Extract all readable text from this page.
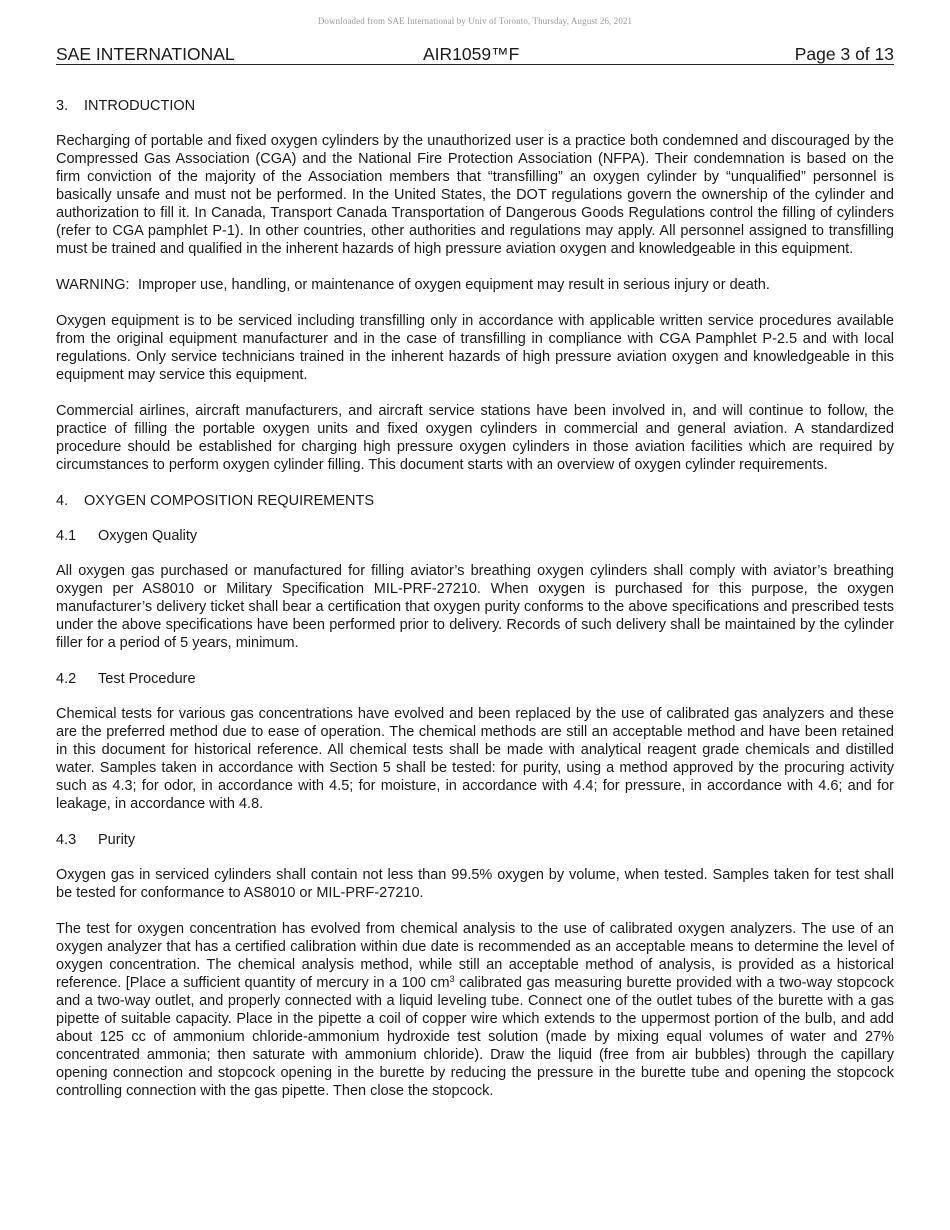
Downloaded from SAE International by Univ of Toronto, Thursday, August 26, 2021
SAE INTERNATIONAL	AIR1059™F	Page 3 of 13
3. INTRODUCTION

Recharging of portable and fixed oxygen cylinders by the unauthorized user is a practice both condemned and discouraged by the Compressed Gas Association (CGA) and the National Fire Protection Association (NFPA). Their condemnation is based on the firm conviction of the majority of the Association members that “transfilling” an oxygen cylinder by “unqualified” personnel is basically unsafe and must not be performed. In the United States, the DOT regulations govern the ownership of the cylinder and authorization to fill it. In Canada, Transport Canada Transportation of Dangerous Goods Regulations control the filling of cylinders (refer to CGA pamphlet P-1). In other countries, other authorities and regulations may apply. All personnel assigned to transfilling must be trained and qualified in the inherent hazards of high pressure aviation oxygen and knowledgeable in this equipment.

WARNING: Improper use, handling, or maintenance of oxygen equipment may result in serious injury or death.

Oxygen equipment is to be serviced including transfilling only in accordance with applicable written service procedures available from the original equipment manufacturer and in the case of transfilling in compliance with CGA Pamphlet P-2.5 and with local regulations. Only service technicians trained in the inherent hazards of high pressure aviation oxygen and knowledgeable in this equipment may service this equipment.

Commercial airlines, aircraft manufacturers, and aircraft service stations have been involved in, and will continue to follow, the practice of filling the portable oxygen units and fixed oxygen cylinders in commercial and general aviation. A standardized procedure should be established for charging high pressure oxygen cylinders in those aviation facilities which are required by circumstances to perform oxygen cylinder filling. This document starts with an overview of oxygen cylinder requirements.

4. OXYGEN COMPOSITION REQUIREMENTS
4.1 Oxygen Quality

All oxygen gas purchased or manufactured for filling aviator’s breathing oxygen cylinders shall comply with aviator’s breathing oxygen per AS8010 or Military Specification MIL-PRF-27210. When oxygen is purchased for this purpose, the oxygen manufacturer’s delivery ticket shall bear a certification that oxygen purity conforms to the above specifications and prescribed tests under the above specifications have been performed prior to delivery. Records of such delivery shall be maintained by the cylinder filler for a period of 5 years, minimum.

4.2 Test Procedure

Chemical tests for various gas concentrations have evolved and been replaced by the use of calibrated gas analyzers and these are the preferred method due to ease of operation. The chemical methods are still an acceptable method and have been retained in this document for historical reference. All chemical tests shall be made with analytical reagent grade chemicals and distilled water. Samples taken in accordance with Section 5 shall be tested: for purity, using a method approved by the procuring activity such as 4.3; for odor, in accordance with 4.5; for moisture, in accordance with 4.4; for pressure, in accordance with 4.6; and for leakage, in accordance with 4.8.

4.3 Purity

Oxygen gas in serviced cylinders shall contain not less than 99.5% oxygen by volume, when tested. Samples taken for test shall be tested for conformance to AS8010 or MIL-PRF-27210.

The test for oxygen concentration has evolved from chemical analysis to the use of calibrated oxygen analyzers. The use of an oxygen analyzer that has a certified calibration within due date is recommended as an acceptable means to determine the level of oxygen concentration. The chemical analysis method, while still an acceptable method of analysis, is provided as a historical reference. [Place a sufficient quantity of mercury in a 100 $cm^3$ calibrated gas measuring burette provided with a two-way stopcock and a two-way outlet, and properly connected with a liquid leveling tube. Connect one of the outlet tubes of the burette with a gas pipette of suitable capacity. Place in the pipette a coil of copper wire which extends to the uppermost portion of the bulb, and add about 125 cc of ammonium chloride-ammonium hydroxide test solution (made by mixing equal volumes of water and 27% concentrated ammonia; then saturate with ammonium chloride). Draw the liquid (free from air bubbles) through the capillary opening connection and stopcock opening in the burette by reducing the pressure in the burette tube and opening the stopcock controlling connection with the gas pipette. Then close the stopcock.
